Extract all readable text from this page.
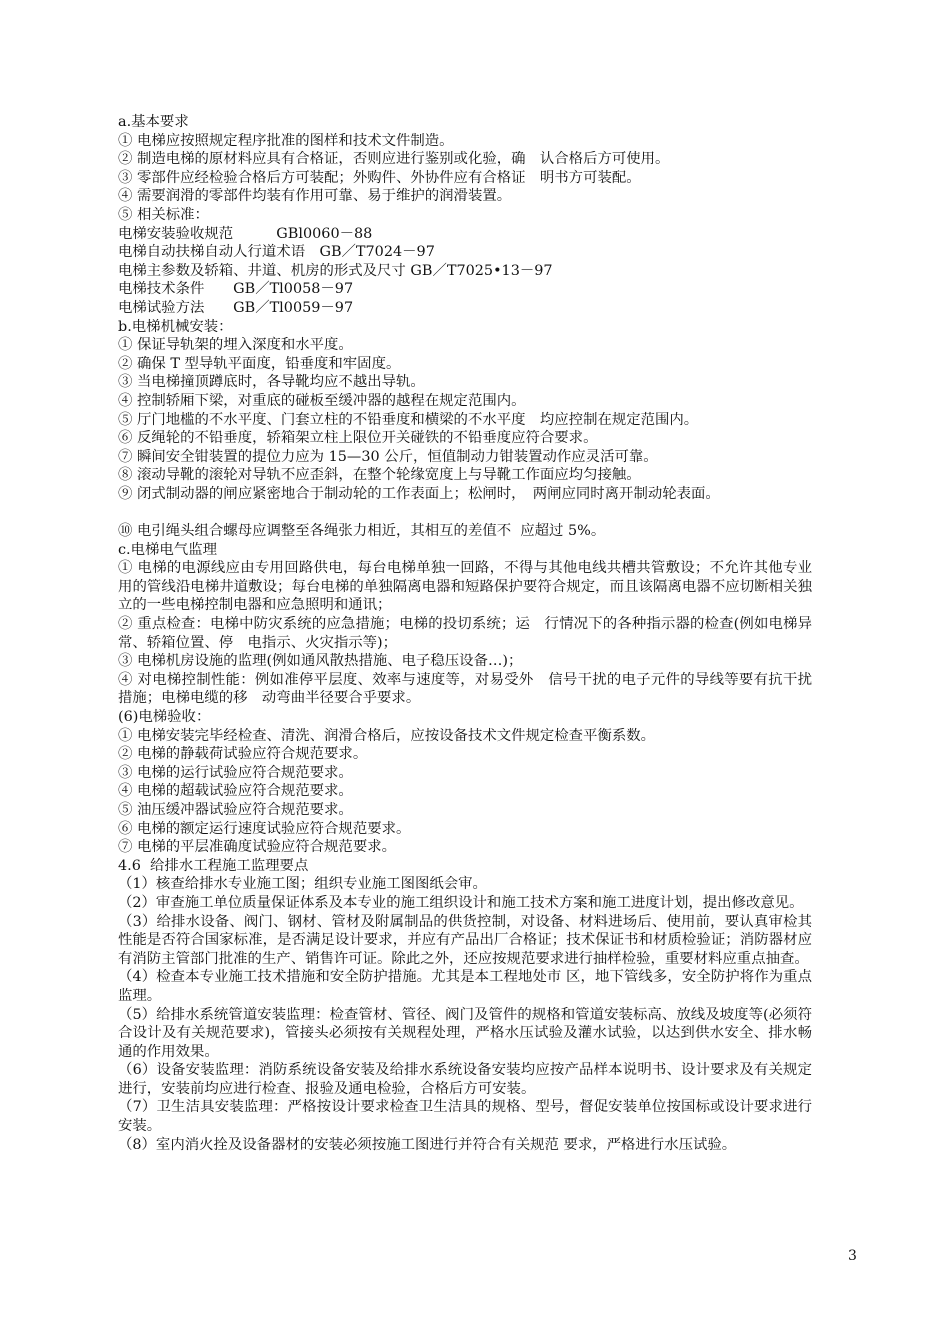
a.基本要求
① 电梯应按照规定程序批准的图样和技术文件制造。
② 制造电梯的原材料应具有合格证，否则应进行鉴别或化验，确　认合格后方可使用。
③ 零部件应经检验合格后方可装配；外购件、外协件应有合格证　明书方可装配。
④ 需要润滑的零部件均装有作用可靠、易于维护的润滑装置。
⑤ 相关标准：
电梯安装验收规范　　　GBl0060－88
电梯自动扶梯自动人行道术语　GB／T7024－97
电梯主参数及轿箱、井道、机房的形式及尺寸 GB／T7025•13－97
电梯技术条件　　GB／Tl0058－97
电梯试验方法　　GB／Tl0059－97
b.电梯机械安装：
① 保证导轨架的埋入深度和水平度。
② 确保 T 型导轨平面度，铅垂度和牢固度。
③ 当电梯撞顶蹲底时，各导靴均应不越出导轨。
④ 控制轿厢下梁，对重底的碰板至缓冲器的越程在规定范围内。
⑤ 厅门地槛的不水平度、门套立柱的不铅垂度和横梁的不水平度　均应控制在规定范围内。
⑥ 反绳轮的不铅垂度，轿箱架立柱上限位开关碰铁的不铅垂度应符合要求。
⑦ 瞬间安全钳装置的提位力应为 15—30 公斤，恒值制动力钳装置动作应灵活可靠。
⑧ 滚动导靴的滚轮对导轨不应歪斜，在整个轮缘宽度上与导靴工作面应均匀接触。
⑨ 闭式制动器的闸应紧密地合于制动轮的工作表面上；松闸时，　两闸应同时离开制动轮表面。
⑩ 电引绳头组合螺母应调整至各绳张力相近，其相互的差值不  应超过 5%。
c.电梯电气监理
① 电梯的电源线应由专用回路供电，每台电梯单独一回路，不得与其他电线共槽共管敷设；不允许其他专业用的管线沿电梯井道敷设；每台电梯的单独隔离电器和短路保护要符合规定，而且该隔离电器不应切断相关独立的一些电梯控制电器和应急照明和通讯；
② 重点检查：电梯中防灾系统的应急措施；电梯的投切系统；运　行情况下的各种指示器的检查(例如电梯异常、轿箱位置、停　电指示、火灾指示等)；
③ 电梯机房设施的监理(例如通风散热措施、电子稳压设备…)；
④ 对电梯控制性能：例如准停平层度、效率与速度等，对易受外　信号干扰的电子元件的导线等要有抗干扰措施；电梯电缆的移　动弯曲半径要合乎要求。
(6)电梯验收：
① 电梯安装完毕经检查、清洗、润滑合格后，应按设备技术文件规定检查平衡系数。
② 电梯的静载荷试验应符合规范要求。
③ 电梯的运行试验应符合规范要求。
④ 电梯的超载试验应符合规范要求。
⑤ 油压缓冲器试验应符合规范要求。
⑥ 电梯的额定运行速度试验应符合规范要求。
⑦ 电梯的平层准确度试验应符合规范要求。
4.6  给排水工程施工监理要点
（1）核查给排水专业施工图；组织专业施工图图纸会审。
（2）审查施工单位质量保证体系及本专业的施工组织设计和施工技术方案和施工进度计划，提出修改意见。
（3）给排水设备、阀门、钢材、管材及附属制品的供货控制，对设备、材料进场后、使用前，要认真审检其性能是否符合国家标准，是否满足设计要求，并应有产品出厂合格证；技术保证书和材质检验证；消防器材应有消防主管部门批准的生产、销售许可证。除此之外，还应按规范要求进行抽样检验，重要材料应重点抽查。
（4）检查本专业施工技术措施和安全防护措施。尤其是本工程地处市 区，地下管线多，安全防护将作为重点监理。
（5）给排水系统管道安装监理：检查管材、管径、阀门及管件的规格和管道安装标高、放线及坡度等(必须符合设计及有关规范要求)，管接头必须按有关规程处理，严格水压试验及灌水试验，以达到供水安全、排水畅通的作用效果。
（6）设备安装监理：消防系统设备安装及给排水系统设备安装均应按产品样本说明书、设计要求及有关规定进行，安装前均应进行检查、报验及通电检验，合格后方可安装。
（7）卫生洁具安装监理：严格按设计要求检查卫生洁具的规格、型号，督促安装单位按国标或设计要求进行安装。
（8）室内消火拴及设备器材的安装必须按施工图进行并符合有关规范 要求，严格进行水压试验。
3
